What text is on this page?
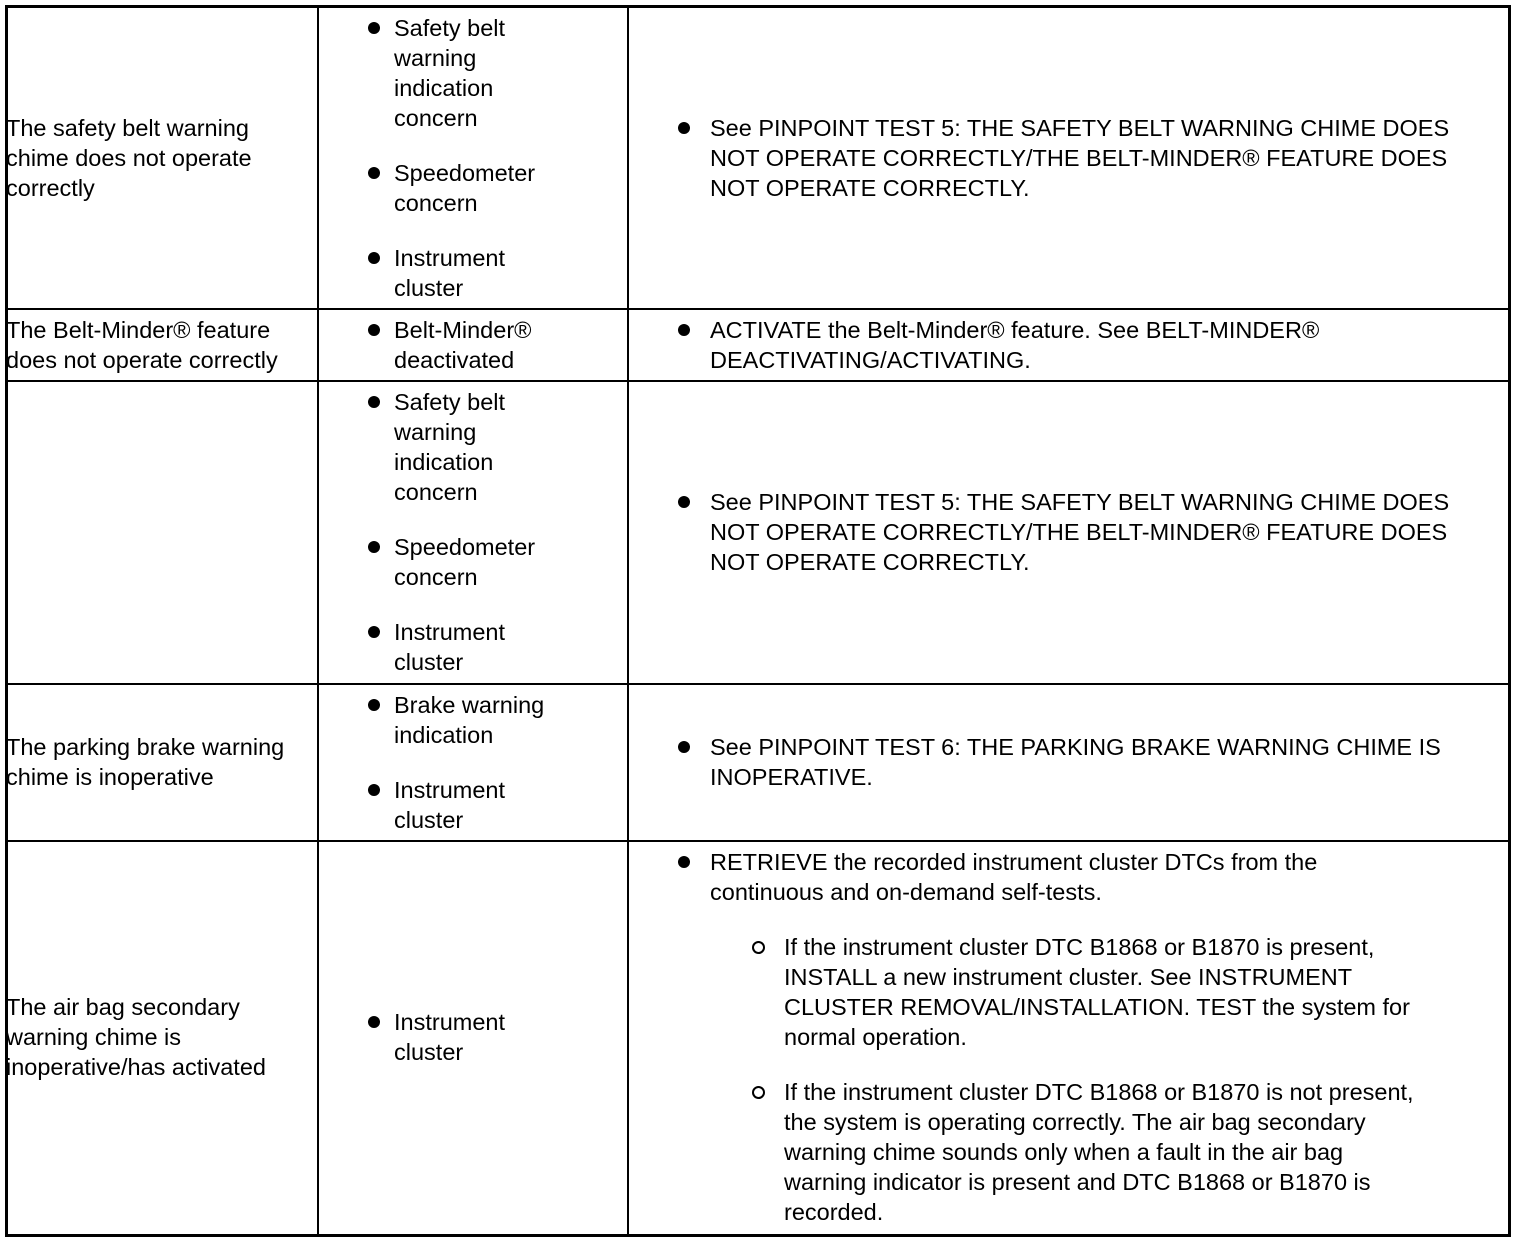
The safety belt warning chime does not operate correctly
Safety belt warning indication concern
Speedometer concern
Instrument cluster
See PINPOINT TEST 5: THE SAFETY BELT WARNING CHIME DOES NOT OPERATE CORRECTLY/THE BELT-MINDER® FEATURE DOES NOT OPERATE CORRECTLY.
The Belt-Minder® feature does not operate correctly
Belt-Minder® deactivated
ACTIVATE the Belt-Minder® feature. See BELT-MINDER® DEACTIVATING/ACTIVATING.
Safety belt warning indication concern
Speedometer concern
Instrument cluster
See PINPOINT TEST 5: THE SAFETY BELT WARNING CHIME DOES NOT OPERATE CORRECTLY/THE BELT-MINDER® FEATURE DOES NOT OPERATE CORRECTLY.
The parking brake warning chime is inoperative
Brake warning indication
Instrument cluster
See PINPOINT TEST 6: THE PARKING BRAKE WARNING CHIME IS INOPERATIVE.
The air bag secondary warning chime is inoperative/has activated
Instrument cluster
RETRIEVE the recorded instrument cluster DTCs from the continuous and on-demand self-tests.
If the instrument cluster DTC B1868 or B1870 is present, INSTALL a new instrument cluster. See INSTRUMENT CLUSTER REMOVAL/INSTALLATION. TEST the system for normal operation.
If the instrument cluster DTC B1868 or B1870 is not present, the system is operating correctly. The air bag secondary warning chime sounds only when a fault in the air bag warning indicator is present and DTC B1868 or B1870 is recorded.
